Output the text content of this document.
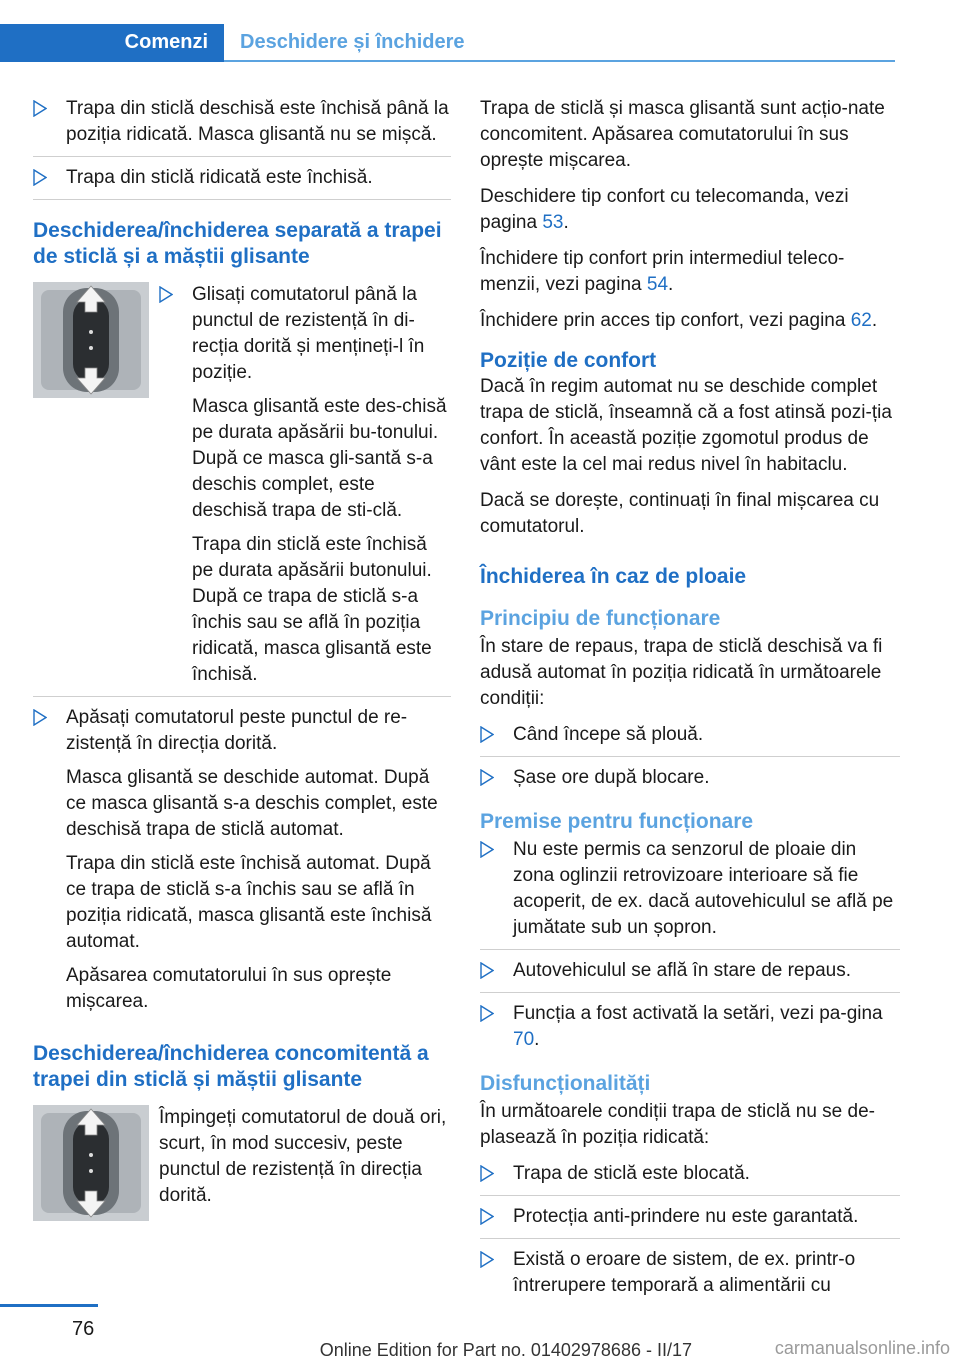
Comenzi Deschidere și închidere
Trapa din sticlă deschisă este închisă până la poziția ridicată. Masca glisantă nu se mișcă.
Trapa din sticlă ridicată este închisă.
Deschiderea/închiderea separată a trapei de sticlă și a măștii glisante
Glisați comutatorul până la punctul de rezistență în di-recția dorită și mențineți-l în poziție.
Masca glisantă este des-chisă pe durata apăsării bu-tonului. După ce masca gli-santă s-a deschis complet, este deschisă trapa de sti-clă.
Trapa din sticlă este închisă pe durata apăsării butonului. După ce trapa de sticlă s-a închis sau se află în poziția ridicată, masca glisantă este închisă.
Apăsați comutatorul peste punctul de re-zistență în direcția dorită.
Masca glisantă se deschide automat. După ce masca glisantă s-a deschis complet, este deschisă trapa de sticlă automat.
Trapa din sticlă este închisă automat. După ce trapa de sticlă s-a închis sau se află în poziția ridicată, masca glisantă este închisă automat.
Apăsarea comutatorului în sus oprește mișcarea.
Deschiderea/închiderea concomitentă a trapei din sticlă și măștii glisante
Împingeți comutatorul de două ori, scurt, în mod succesiv, peste punctul de rezistență în direcția dorită.

Trapa de sticlă și masca glisantă sunt acțio-nate concomitent. Apăsarea comutatorului în sus oprește mișcarea.

Deschidere tip confort cu telecomanda, vezi pagina 53.

Închidere tip confort prin intermediul teleco-menzii, vezi pagina 54.

Închidere prin acces tip confort, vezi pagina 62.

Poziție de confort

Dacă în regim automat nu se deschide complet trapa de sticlă, înseamnă că a fost atinsă pozi-ția confort. În această poziție zgomotul produs de vânt este la cel mai redus nivel în habitaclu.

Dacă se dorește, continuați în final mișcarea cu comutatorul.

Închiderea în caz de ploaie
Principiu de funcționare

În stare de repaus, trapa de sticlă deschisă va fi adusă automat în poziția ridicată în următoarele condiții:

Când începe să plouă.
Șase ore după blocare.
Premise pentru funcționare
Nu este permis ca senzorul de ploaie din zona oglinzii retrovizoare interioare să fie acoperit, de ex. dacă autovehiculul se află pe jumătate sub un șopron.
Autovehiculul se află în stare de repaus.
Funcția a fost activată la setări, vezi pa-gina 70.
Disfuncționalități

În următoarele condiții trapa de sticlă nu se de-plasează în poziția ridicată:

Trapa de sticlă este blocată.
Protecția anti-prindere nu este garantată.
Există o eroare de sistem, de ex. printr-o întrerupere temporară a alimentării cu
76
Online Edition for Part no. 01402978686 - II/17	carmanualsonline.info
